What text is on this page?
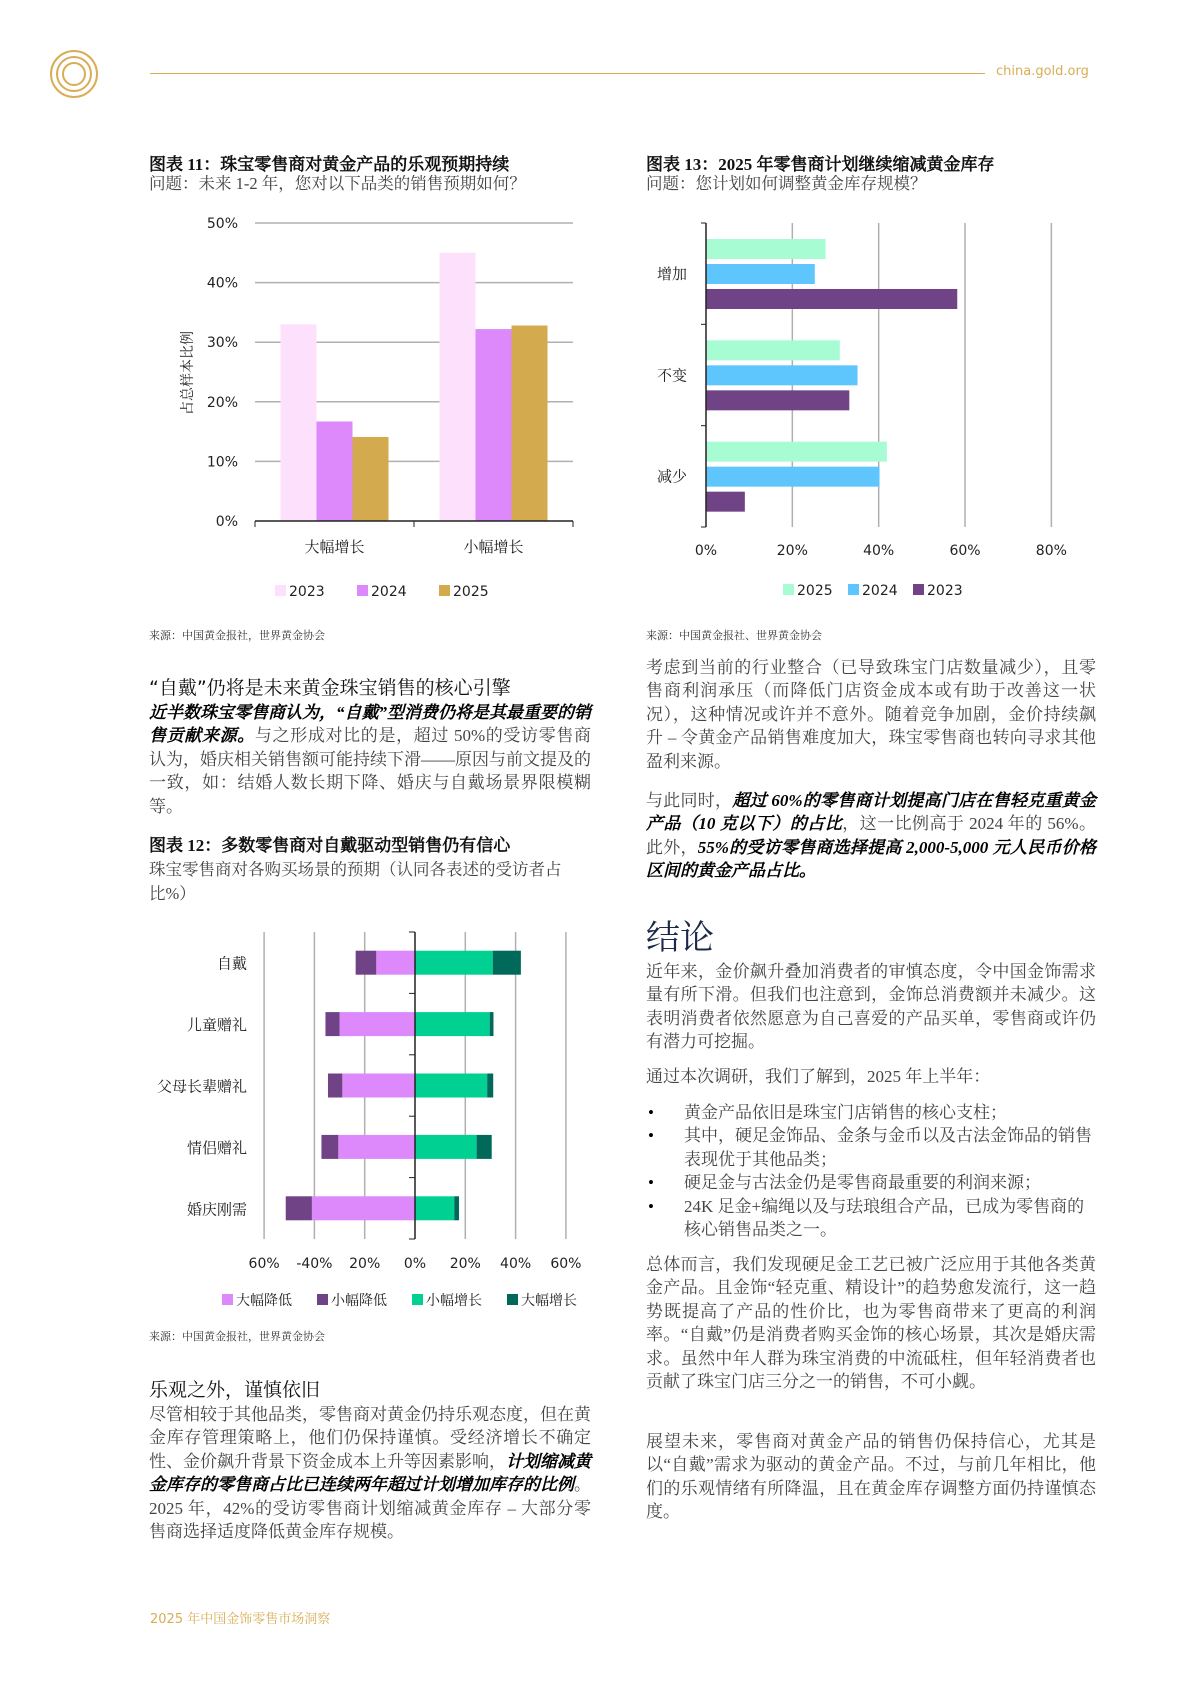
china.gold.org
图表 11：珠宝零售商对黄金产品的乐观预期持续
问题：未来 1-2 年，您对以下品类的销售预期如何？
0%
10%
20%
30%
40%
50%
大幅增长	小幅增长
占总样本比例
2023	2024	2025
来源：中国黄金报社，世界黄金协会
图表 13：2025 年零售商计划继续缩减黄金库存
问题：您计划如何调整黄金库存规模？
0%	20%	40%	60%	80%
增加
不变
减少
2025 2024 2023
来源：中国黄金报社、世界黄金协会
“自戴”仍将是未来黄金珠宝销售的核心引擎
近半数珠宝零售商认为，“自戴”型消费仍将是其最重要的销售贡献来源。与之形成对比的是，超过 50%的受访零售商认为，婚庆相关销售额可能持续下滑——原因与前文提及的一致，如：结婚人数长期下降、婚庆与自戴场景界限模糊等。
图表 12：多数零售商对自戴驱动型销售仍有信心
珠宝零售商对各购买场景的预期（认同各表述的受访者占比%）
60% -40% 20% 0% 20% 40% 60%
自戴
儿童赠礼
父母长辈赠礼
情侣赠礼
婚庆刚需
大幅降低	小幅降低	小幅增长	大幅增长
来源：中国黄金报社，世界黄金协会
乐观之外，谨慎依旧
尽管相较于其他品类，零售商对黄金仍持乐观态度，但在黄金库存管理策略上，他们仍保持谨慎。受经济增长不确定性、金价飙升背景下资金成本上升等因素影响，计划缩减黄金库存的零售商占比已连续两年超过计划增加库存的比例。2025 年，42%的受访零售商计划缩减黄金库存 – 大部分零售商选择适度降低黄金库存规模。
考虑到当前的行业整合（已导致珠宝门店数量减少），且零售商利润承压（而降低门店资金成本或有助于改善这一状况），这种情况或许并不意外。随着竞争加剧，金价持续飙升 – 令黄金产品销售难度加大，珠宝零售商也转向寻求其他盈利来源。
与此同时，超过 60%的零售商计划提高门店在售轻克重黄金产品（10 克以下）的占比，这一比例高于 2024 年的 56%。此外，55%的受访零售商选择提高 2,000-5,000 元人民币价格区间的黄金产品占比。
结论
近年来，金价飙升叠加消费者的审慎态度，令中国金饰需求量有所下滑。但我们也注意到，金饰总消费额并未减少。这表明消费者依然愿意为自己喜爱的产品买单，零售商或许仍有潜力可挖掘。
通过本次调研，我们了解到，2025 年上半年：
• 黄金产品依旧是珠宝门店销售的核心支柱；
• 其中，硬足金饰品、金条与金币以及古法金饰品的销售表现优于其他品类；
• 硬足金与古法金仍是零售商最重要的利润来源；
• 24K 足金+编绳以及与珐琅组合产品，已成为零售商的核心销售品类之一。
总体而言，我们发现硬足金工艺已被广泛应用于其他各类黄金产品。且金饰“轻克重、精设计”的趋势愈发流行，这一趋势既提高了产品的性价比，也为零售商带来了更高的利润率。“自戴”仍是消费者购买金饰的核心场景，其次是婚庆需求。虽然中年人群为珠宝消费的中流砥柱，但年轻消费者也贡献了珠宝门店三分之一的销售，不可小觑。
展望未来，零售商对黄金产品的销售仍保持信心，尤其是以“自戴”需求为驱动的黄金产品。不过，与前几年相比，他们的乐观情绪有所降温，且在黄金库存调整方面仍持谨慎态度。
2025 年中国金饰零售市场洞察
